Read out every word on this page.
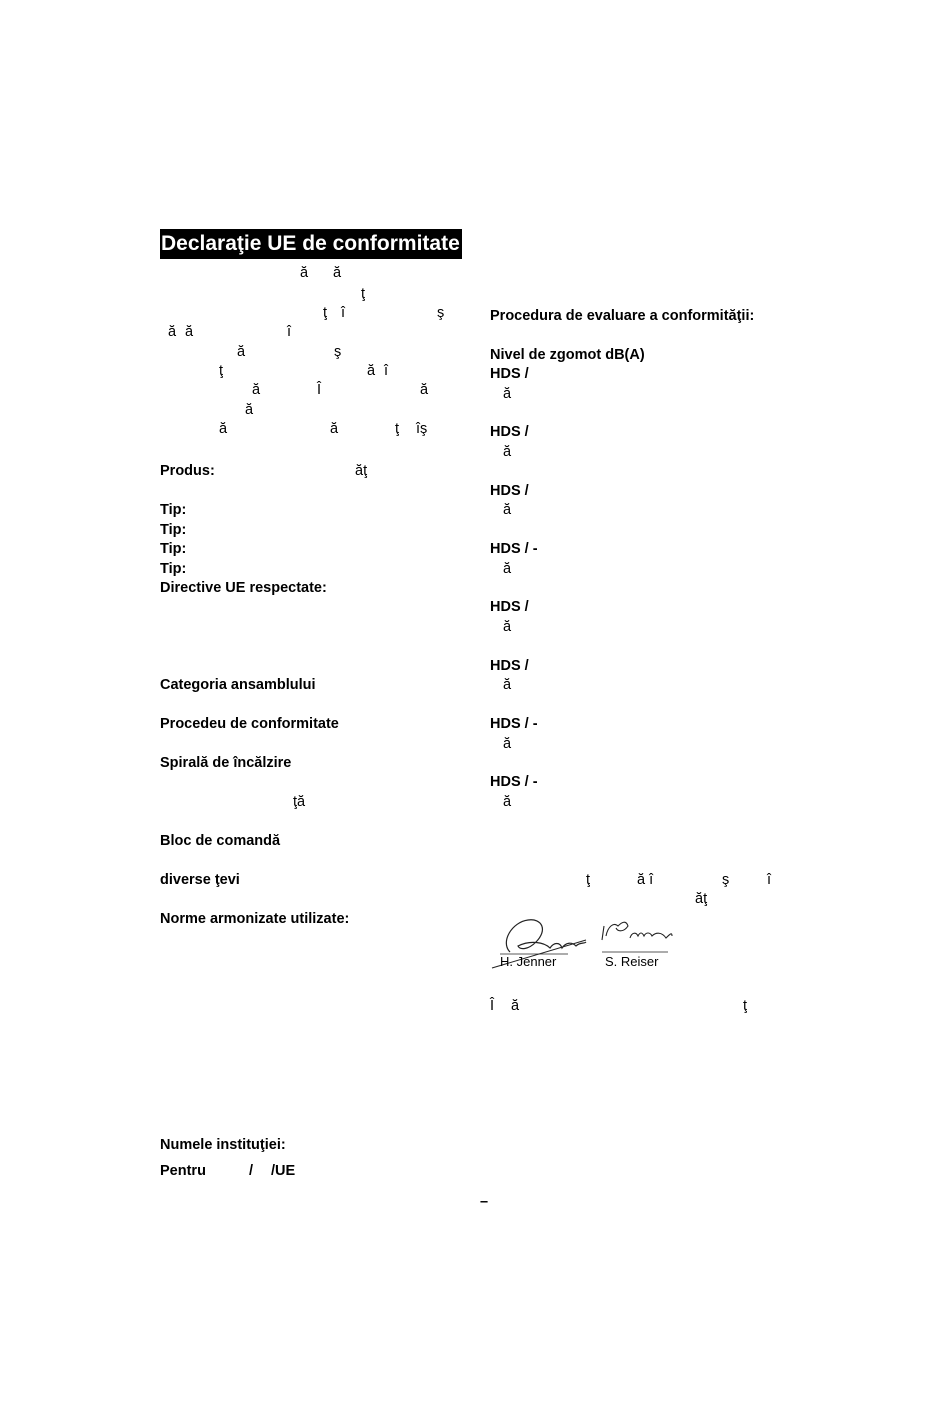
Declaraţie UE de conformitate
ă ă
ţ
ţ î	ş
ă ă	î
ă	ş
ţ	ă î
ă	Î	ă
ă
ă	ă	ţ îş
Produs:	ăţ
Tip:
Tip:
Tip:
Tip:
Directive UE respectate:
Categoria ansamblului
Procedeu de conformitate
Spirală de încălzire
ţă
Bloc de comandă
diverse ţevi
Norme armonizate utilizate:
Numele instituţiei:
Pentru	/ /UE
Procedura de evaluare a conformităţii:
Nivel de zgomot dB(A)
HDS /
ă
HDS /
ă
HDS /
ă
HDS / -
ă
HDS /
ă
HDS /
ă
HDS / -
ă
HDS / -
ă
ţ	ă î	ş	î
ăţ
Î ă	ţ
H. Jenner	S. Reiser
–
